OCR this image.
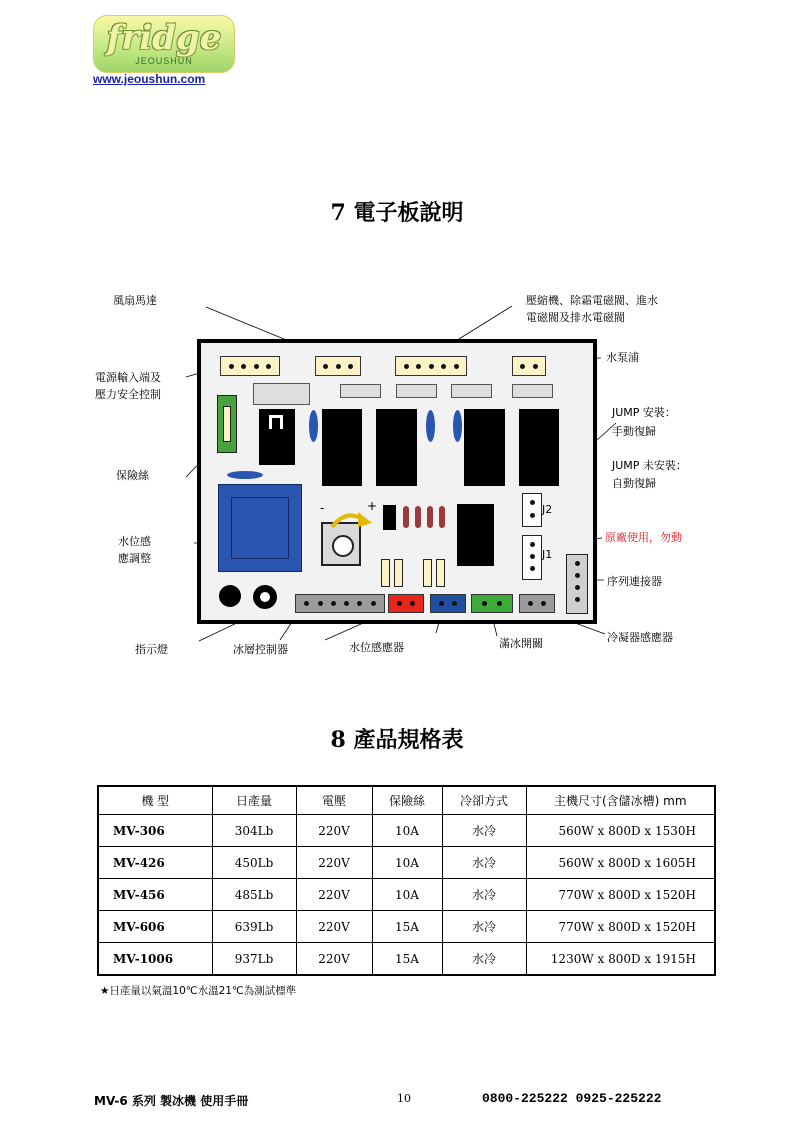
fridge
JEOUSHUN
www.jeoushun.com
7 電子板說明
-	+	J2
J1
風扇馬達	壓縮機、除霜電磁閥、進水
電磁閥及排水電磁閥
水泵浦
電源輸入端及
壓力安全控制
JUMP 安裝：
手動復歸
JUMP 未安裝：
自動復歸
保險絲
水位感
應調整
原廠使用，勿動
序列連接器
指示燈	冰層控制器	水位感應器	滿冰開關	冷凝器感應器
8 產品規格表
機 型	日產量	電壓	保險絲	冷卻方式	主機尺寸(含儲冰槽) mm
MV-306	304Lb	220V	10A	水冷	560W x 800D x 1530H
MV-426	450Lb	220V	10A	水冷	560W x 800D x 1605H
MV-456	485Lb	220V	10A	水冷	770W x 800D x 1520H
MV-606	639Lb	220V	15A	水冷	770W x 800D x 1520H
MV-1006	937Lb	220V	15A	水冷	1230W x 800D x 1915H
★日產量以氣溫10℃水溫21℃為測試標準
MV-6 系列 製冰機 使用手冊	10	0800-225222 0925-225222
